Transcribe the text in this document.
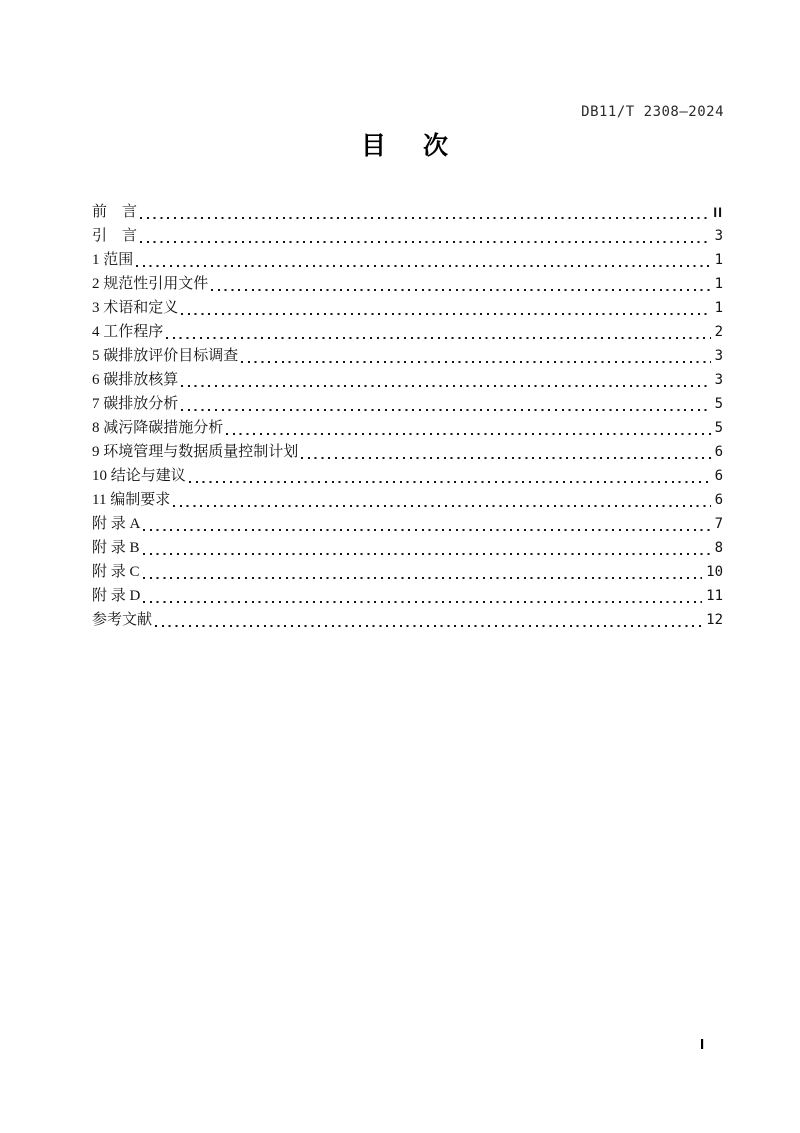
DB11/T 2308—2024
目　次
前　言	II
引　言	3
1 范围	1
2 规范性引用文件	1
3 术语和定义	1
4 工作程序	2
5 碳排放评价目标调查	3
6 碳排放核算	3
7 碳排放分析	5
8 减污降碳措施分析	5
9 环境管理与数据质量控制计划	6
10 结论与建议	6
11 编制要求	6
附 录 A	7
附 录 B	8
附 录 C	10
附 录 D	11
参考文献	12
I
